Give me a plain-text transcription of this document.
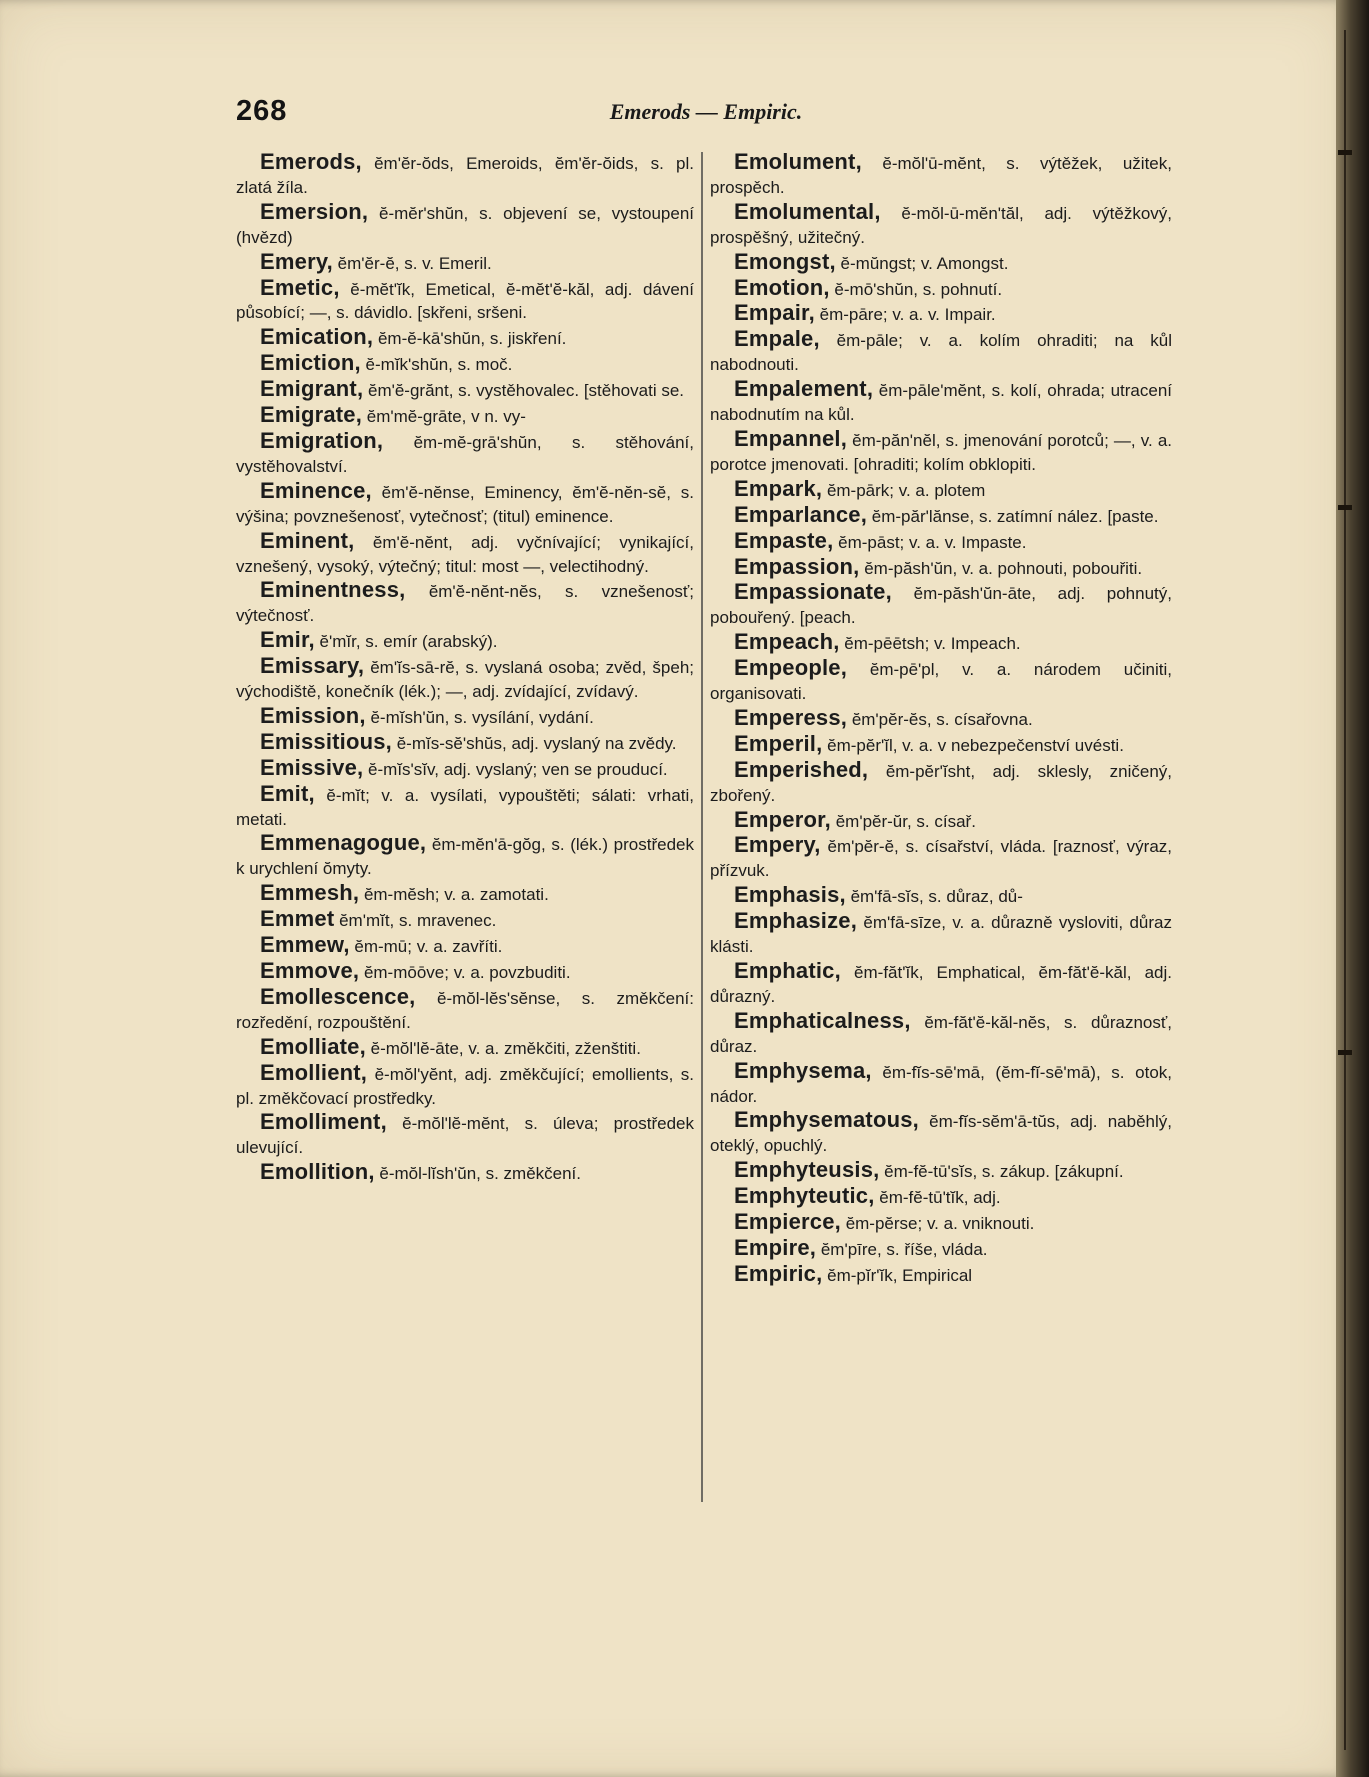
268	Emerods — Empiric.

Emerods, ĕm'ĕr-ŏds, Emeroids, ĕm'ĕr-ŏids, s. pl. zlatá žíla.

Emersion, ĕ-mĕr'shŭn, s. objevení se, vystoupení (hvězd)

Emery, ĕm'ĕr-ĕ, s. v. Emeril.

Emetic, ĕ-mĕt'ĭk, Emetical, ĕ-mĕt'ĕ-kăl, adj. dávení působící; —, s. dávidlo. [skřeni, sršeni.

Emication, ĕm-ĕ-kā'shŭn, s. jiskření.

Emiction, ĕ-mĭk'shŭn, s. moč.

Emigrant, ĕm'ĕ-grănt, s. vystěhovalec. [stěhovati se.

Emigrate, ĕm'mĕ-grāte, v n. vy-

Emigration, ĕm-mĕ-grā'shŭn, s. stěhování, vystěhovalství.

Eminence, ĕm'ĕ-nĕnse, Eminency, ĕm'ĕ-nĕn-sĕ, s. výšina; povznešenosť, vytečnosť; (titul) eminence.

Eminent, ĕm'ĕ-nĕnt, adj. vyčnívající; vynikající, vznešený, vysoký, výtečný; titul: most —, velectihodný.

Eminentness, ĕm'ĕ-nĕnt-nĕs, s. vznešenosť; výtečnosť.

Emir, ĕ'mĭr, s. emír (arabský).

Emissary, ĕm'ĭs-sā-rĕ, s. vyslaná osoba; zvěd, špeh; východiště, konečník (lék.); —, adj. zvídající, zvídavý.

Emission, ĕ-mĭsh'ŭn, s. vysílání, vydání.

Emissitious, ĕ-mĭs-sĕ'shŭs, adj. vyslaný na zvědy.

Emissive, ĕ-mĭs'sĭv, adj. vyslaný; ven se prouducí.

Emit, ĕ-mĭt; v. a. vysílati, vypouštěti; sálati: vrhati, metati.

Emmenagogue, ĕm-mĕn'ā-gŏg, s. (lék.) prostředek k urychlení ŏmyty.

Emmesh, ĕm-mĕsh; v. a. zamotati.

Emmet ĕm'mĭt, s. mravenec.

Emmew, ĕm-mū; v. a. zavříti.

Emmove, ĕm-mōōve; v. a. povzbuditi.

Emollescence, ĕ-mŏl-lĕs'sĕnse, s. změkčení: rozředění, rozpouštění.

Emolliate, ĕ-mŏl'lĕ-āte, v. a. změkčiti, zženštiti.

Emollient, ĕ-mŏl'yĕnt, adj. změkčující; emollients, s. pl. změkčovací prostředky.

Emolliment, ĕ-mŏl'lĕ-mĕnt, s. úleva; prostředek ulevující.

Emollition, ĕ-mŏl-lĭsh'ŭn, s. změkčení.

Emolument, ĕ-mŏl'ū-mĕnt, s. výtěžek, užitek, prospěch.

Emolumental, ĕ-mŏl-ū-mĕn'tăl, adj. výtěžkový, prospěšný, užitečný.

Emongst, ĕ-mŭngst; v. Amongst.

Emotion, ĕ-mō'shŭn, s. pohnutí.

Empair, ĕm-pāre; v. a. v. Impair.

Empale, ĕm-pāle; v. a. kolím ohraditi; na kůl nabodnouti.

Empalement, ĕm-pāle'mĕnt, s. kolí, ohrada; utracení nabodnutím na kůl.

Empannel, ĕm-păn'nĕl, s. jmenování porotců; —, v. a. porotce jmenovati. [ohraditi; kolím obklopiti.

Empark, ĕm-pārk; v. a. plotem

Emparlance, ĕm-păr'lănse, s. zatímní nález. [paste.

Empaste, ĕm-pāst; v. a. v. Impaste.

Empassion, ĕm-păsh'ŭn, v. a. pohnouti, pobouřiti.

Empassionate, ĕm-păsh'ŭn-āte, adj. pohnutý, pobouřený. [peach.

Empeach, ĕm-pēētsh; v. Impeach.

Empeople, ĕm-pē'pl, v. a. národem učiniti, organisovati.

Emperess, ĕm'pĕr-ĕs, s. císařovna.

Emperil, ĕm-pĕr'ĭl, v. a. v nebezpečenství uvésti.

Emperished, ĕm-pĕr'ĭsht, adj. sklesly, zničený, zbořený.

Emperor, ĕm'pĕr-ŭr, s. císař.

Empery, ĕm'pĕr-ĕ, s. císařství, vláda. [raznosť, výraz, přízvuk.

Emphasis, ĕm'fā-sĭs, s. důraz, dů-

Emphasize, ĕm'fā-sīze, v. a. důrazně vysloviti, důraz klásti.

Emphatic, ĕm-făt'ĭk, Emphatical, ĕm-făt'ĕ-kăl, adj. důrazný.

Emphaticalness, ĕm-făt'ĕ-kăl-nĕs, s. důraznosť, důraz.

Emphysema, ĕm-fĭs-sē'mā, (ĕm-fĭ-sē'mā), s. otok, nádor.

Emphysematous, ĕm-fĭs-sĕm'ā-tŭs, adj. naběhlý, oteklý, opuchlý.

Emphyteusis, ĕm-fĕ-tū'sĭs, s. zákup. [zákupní.

Emphyteutic, ĕm-fĕ-tū'tĭk, adj.

Empierce, ĕm-pĕrse; v. a. vniknouti.

Empire, ĕm'pīre, s. říše, vláda.

Empiric, ĕm-pĭr'ĭk, Empirical
